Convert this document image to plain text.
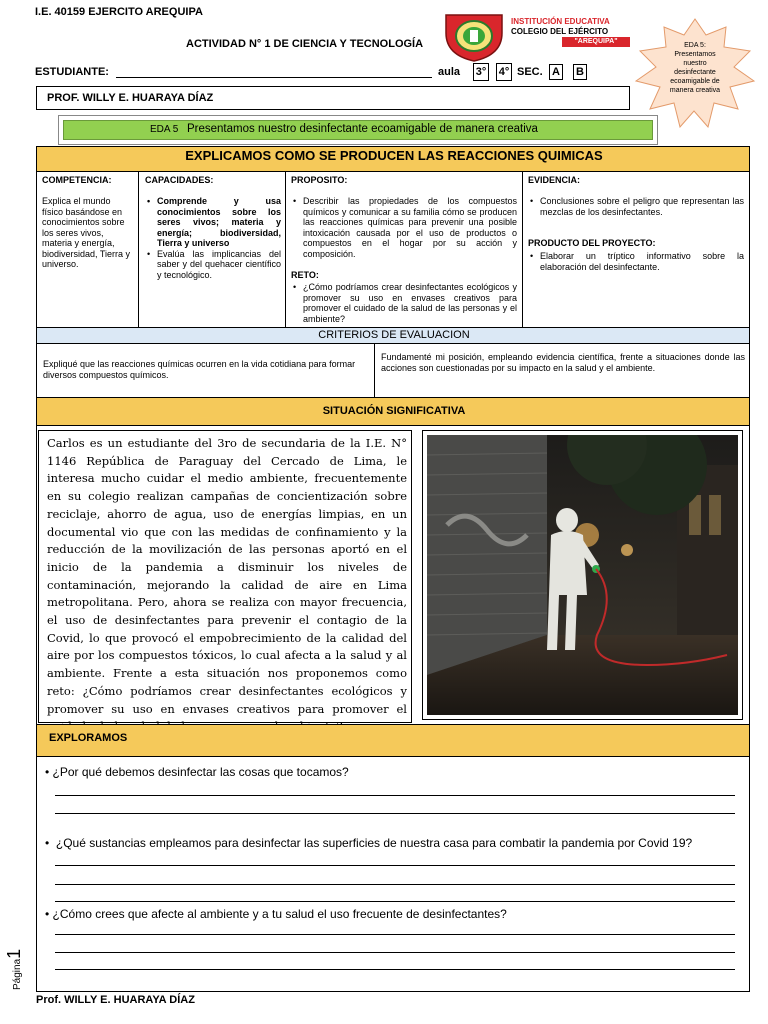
I.E. 40159 EJERCITO AREQUIPA
ACTIVIDAD N° 1 DE CIENCIA Y TECNOLOGÍA
INSTITUCIÓN EDUCATIVA
COLEGIO DEL EJÉRCITO
"AREQUIPA"
EDA 5: Presentamos nuestro desinfectante ecoamigable de manera creativa
ESTUDIANTE:	aula 3° 4° SEC. A B
PROF. WILLY E. HUARAYA DÍAZ
EDA 5 Presentamos nuestro desinfectante ecoamigable de manera creativa
EXPLICAMOS COMO SE PRODUCEN LAS REACCIONES QUIMICAS
COMPETENCIA:
Explica el mundo físico basándose en conocimientos sobre los seres vivos, materia y energía, biodiversidad, Tierra y universo.
CAPACIDADES:
• Comprende y usa conocimientos sobre los seres vivos; materia y energía; biodiversidad, Tierra y universo
• Evalúa las implicancias del saber y del quehacer científico y tecnológico.
PROPOSITO:
• Describir las propiedades de los compuestos químicos y comunicar a su familia cómo se producen las reacciones químicas para prevenir una posible intoxicación causada por el uso de productos o compuestos en el hogar por su acción y composición.
RETO:
• ¿Cómo podríamos crear desinfectantes ecológicos y promover su uso en envases creativos para promover el cuidado de la salud de las personas y el ambiente?
EVIDENCIA:
• Conclusiones sobre el peligro que representan las mezclas de los desinfectantes.
PRODUCTO DEL PROYECTO:
• Elaborar un tríptico informativo sobre la elaboración del desinfectante.
CRITERIOS DE EVALUACION
Expliqué que las reacciones químicas ocurren en la vida cotidiana para formar diversos compuestos químicos.
Fundamenté mi posición, empleando evidencia científica, frente a situaciones donde las acciones son cuestionadas por su impacto en la salud y el ambiente.
SITUACIÓN SIGNIFICATIVA
Carlos es un estudiante del 3ro de secundaria de la I.E. N° 1146 República de Paraguay del Cercado de Lima, le interesa mucho cuidar el medio ambiente, frecuentemente en su colegio realizan campañas de concientización sobre reciclaje, ahorro de agua, uso de energías limpias, en un documental vio que con las medidas de confinamiento y la reducción de la movilización de las personas aportó en el inicio de la pandemia a disminuir los niveles de contaminación, mejorando la calidad de aire en Lima metropolitana. Pero, ahora se realiza con mayor frecuencia, el uso de desinfectantes para prevenir el contagio de la Covid, lo que provocó el empobrecimiento de la calidad del aire por los compuestos tóxicos, lo cual afecta a la salud y al ambiente. Frente a esta situación nos proponemos como reto: ¿Cómo podríamos crear desinfectantes ecológicos y promover su uso en envases creativos para promover el
EXPLORAMOS
• ¿Por qué debemos desinfectar las cosas que tocamos?
•  ¿Qué sustancias empleamos para desinfectar las superficies de nuestra casa para combatir la pandemia por Covid 19?
• ¿Cómo crees que afecte al ambiente y a tu salud el uso frecuente de desinfectantes?
Página1
Prof. WILLY E. HUARAYA DÍAZ
